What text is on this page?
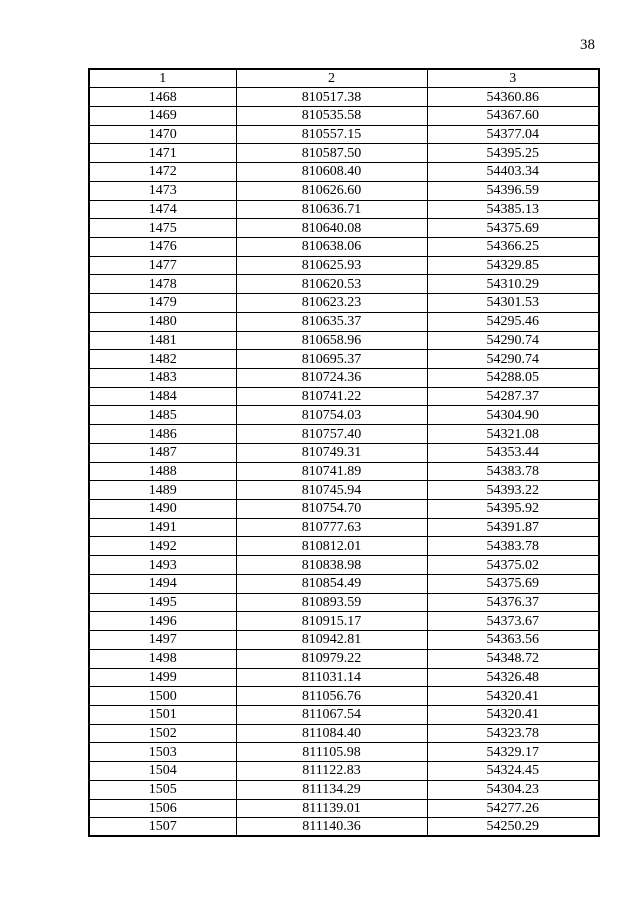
38
1	2	3
1468	810517.38	54360.86
1469	810535.58	54367.60
1470	810557.15	54377.04
1471	810587.50	54395.25
1472	810608.40	54403.34
1473	810626.60	54396.59
1474	810636.71	54385.13
1475	810640.08	54375.69
1476	810638.06	54366.25
1477	810625.93	54329.85
1478	810620.53	54310.29
1479	810623.23	54301.53
1480	810635.37	54295.46
1481	810658.96	54290.74
1482	810695.37	54290.74
1483	810724.36	54288.05
1484	810741.22	54287.37
1485	810754.03	54304.90
1486	810757.40	54321.08
1487	810749.31	54353.44
1488	810741.89	54383.78
1489	810745.94	54393.22
1490	810754.70	54395.92
1491	810777.63	54391.87
1492	810812.01	54383.78
1493	810838.98	54375.02
1494	810854.49	54375.69
1495	810893.59	54376.37
1496	810915.17	54373.67
1497	810942.81	54363.56
1498	810979.22	54348.72
1499	811031.14	54326.48
1500	811056.76	54320.41
1501	811067.54	54320.41
1502	811084.40	54323.78
1503	811105.98	54329.17
1504	811122.83	54324.45
1505	811134.29	54304.23
1506	811139.01	54277.26
1507	811140.36	54250.29
